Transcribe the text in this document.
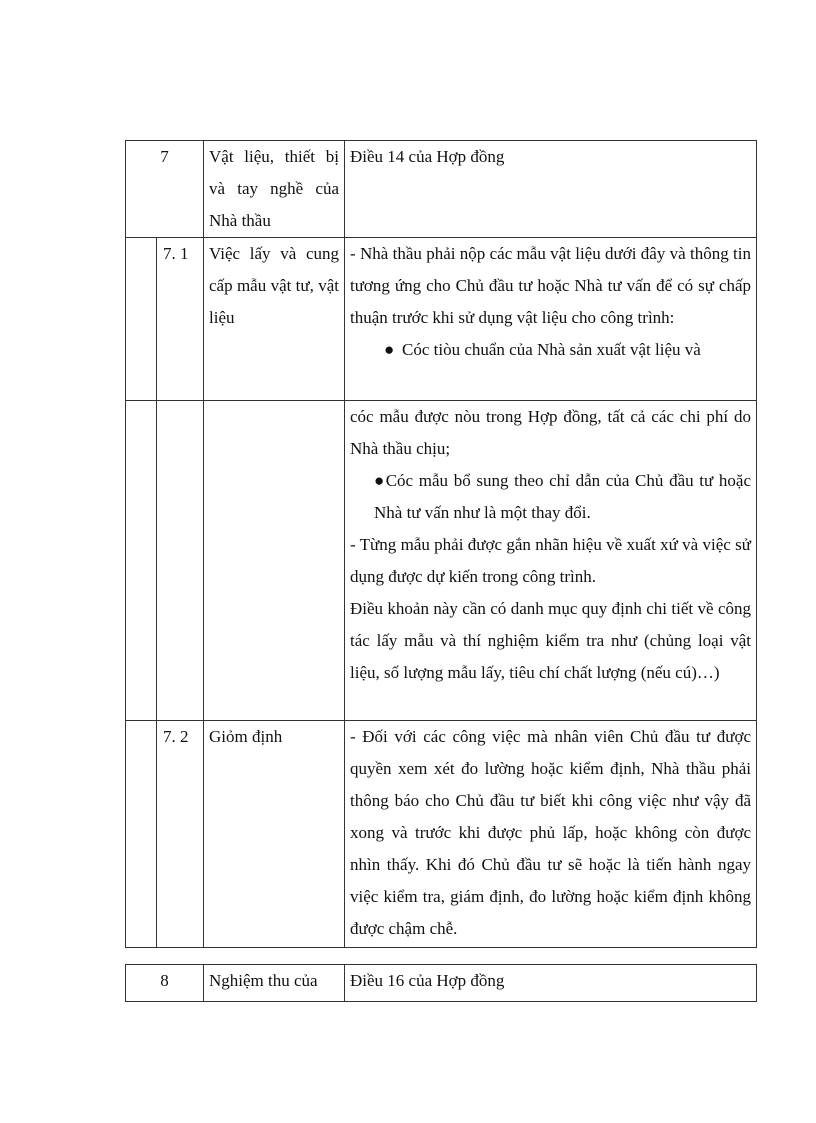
7		Vật liệu, thiết bị và tay nghề của Nhà thầu	Điều 14 của Hợp đồng
	7. 1	Việc lấy và cung cấp mẫu vật tư, vật liệu	- Nhà thầu phải nộp các mẫu vật liệu dưới đây và thông tin tương ứng cho Chủ đầu tư hoặc Nhà tư vấn để có sự chấp thuận trước khi sử dụng vật liệu cho công trình:

● Cóc tiòu chuẩn của Nhà sản xuất vật liệu và

			cóc mẫu được nòu trong Hợp đồng, tất cả các chi phí do Nhà thầu chịu;

●Cóc mẫu bổ sung theo chỉ dẫn của Chủ đầu tư hoặc Nhà tư vấn như là một thay đổi.

- Từng mẫu phải được gắn nhãn hiệu về xuất xứ và việc sử dụng được dự kiến trong công trình.

Điều khoản này cần có danh mục quy định chi tiết về công tác lấy mẫu và thí nghiệm kiểm tra như (chủng loại vật liệu, số lượng mẫu lấy, tiêu chí chất lượng (nếu cú)…)

	7. 2	Giỏm định	- Đối với các công việc mà nhân viên Chủ đầu tư được quyền xem xét đo lường hoặc kiểm định, Nhà thầu phải thông báo cho Chủ đầu tư biết khi công việc như vậy đã xong và trước khi được phủ lấp, hoặc không còn được nhìn thấy. Khi đó Chủ đầu tư sẽ hoặc là tiến hành ngay việc kiểm tra, giám định, đo lường hoặc kiểm định không được chậm chễ.
8	Nghiệm thu của	Điều 16 của Hợp đồng
